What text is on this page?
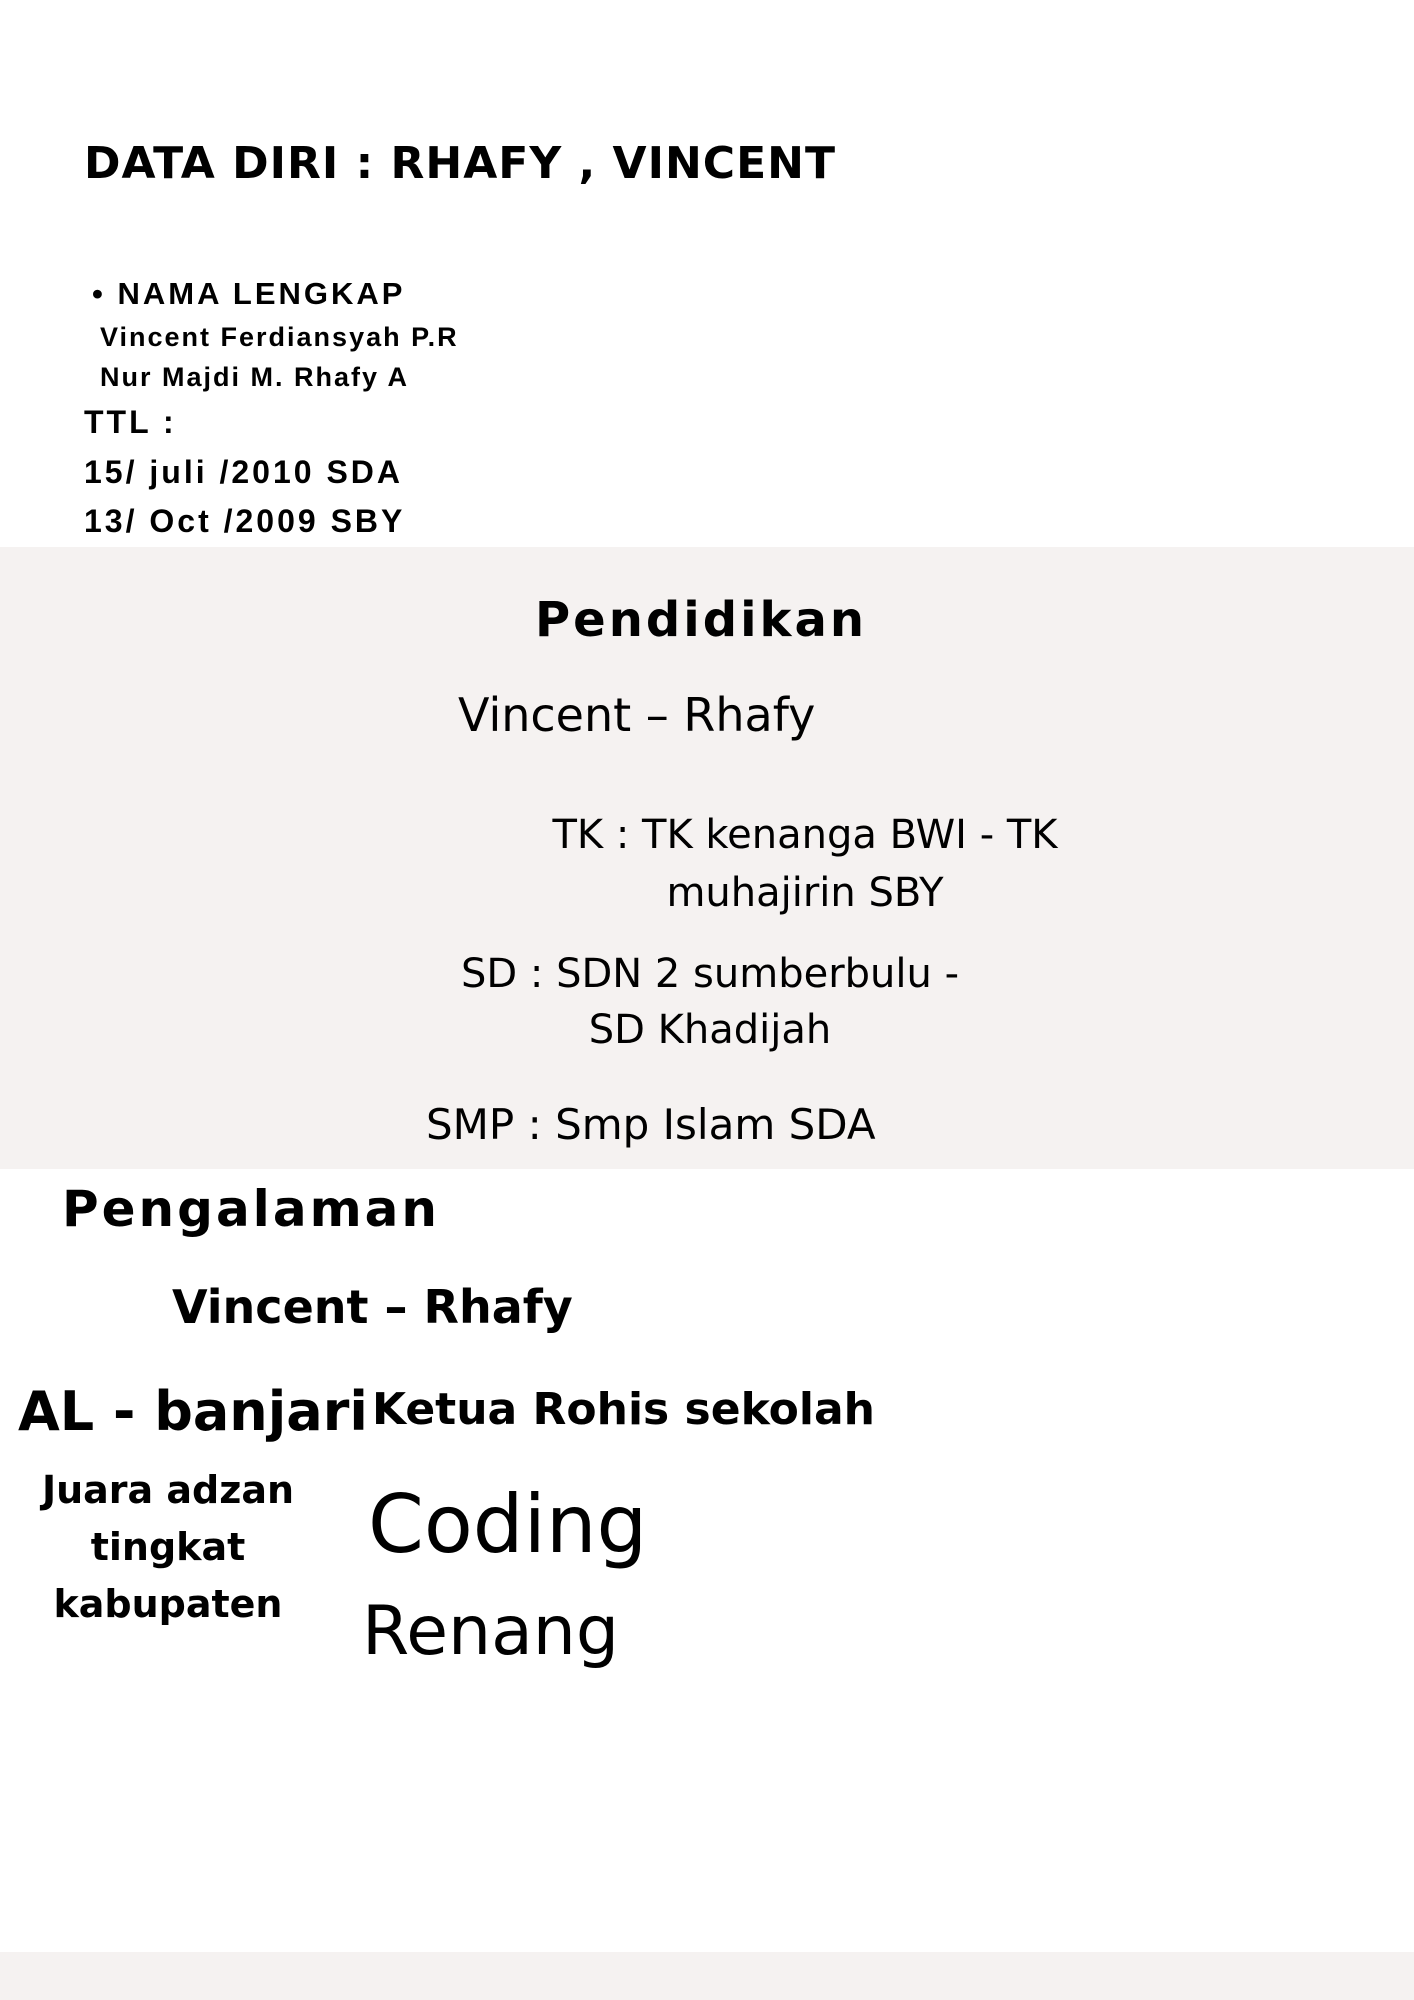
DATA DIRI : RHAFY , VINCENT
• NAMA LENGKAP
Vincent Ferdiansyah P.R
Nur Majdi M. Rhafy A
TTL :
15/ juli /2010 SDA
13/ Oct /2009 SBY
Pendidikan
Vincent – Rhafy
TK : TK kenanga BWI - TK muhajirin SBY
SD : SDN 2 sumberbulu - SD Khadijah
SMP : Smp Islam SDA
Pengalaman
Vincent – Rhafy
AL - banjari Ketua Rohis sekolah
Juara adzan tingkat kabupaten
Coding
Renang
